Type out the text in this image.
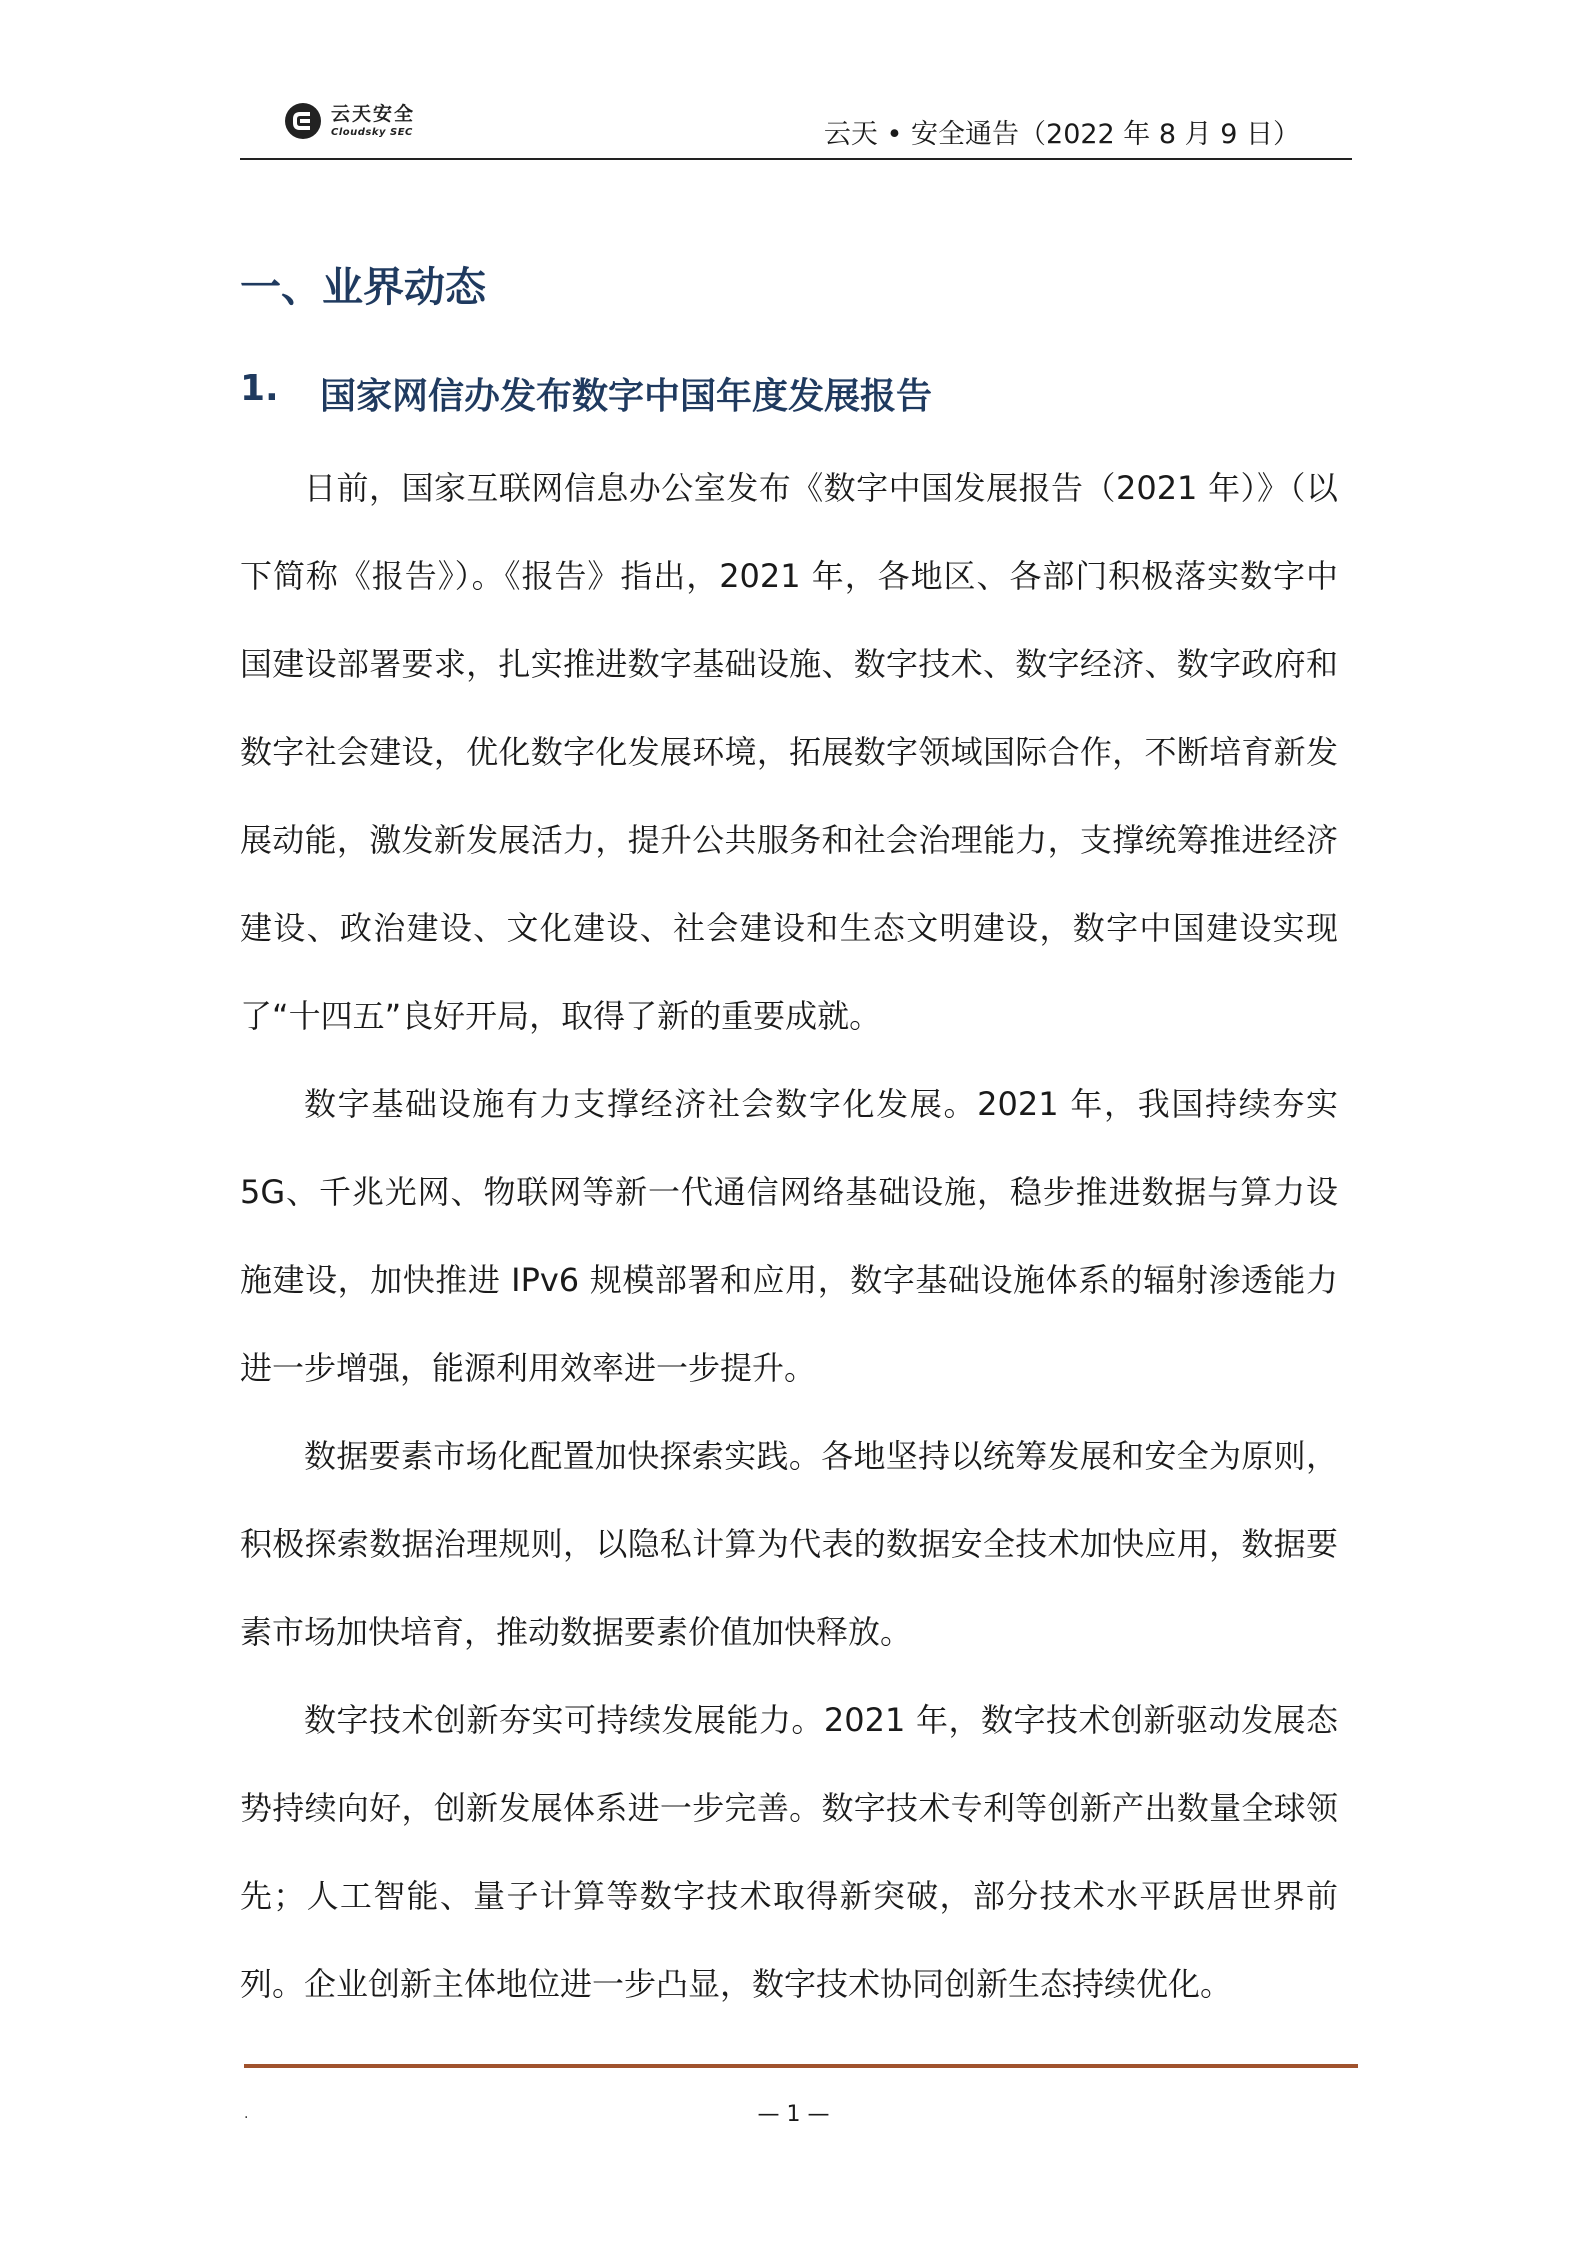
云天安全
Cloudsky SEC	云天 • 安全通告（2022 年 8 月 9 日）
一、业界动态
1.	国家网信办发布数字中国年度发展报告

日前，国家互联网信息办公室发布《数字中国发展报告（2021 年）》（以下简称《报告》）。《报告》指出，2021 年，各地区、各部门积极落实数字中国建设部署要求，扎实推进数字基础设施、数字技术、数字经济、数字政府和数字社会建设，优化数字化发展环境，拓展数字领域国际合作，不断培育新发展动能，激发新发展活力，提升公共服务和社会治理能力，支撑统筹推进经济建设、政治建设、文化建设、社会建设和生态文明建设，数字中国建设实现了“十四五”良好开局，取得了新的重要成就。

数字基础设施有力支撑经济社会数字化发展。2021 年，我国持续夯实 5G、千兆光网、物联网等新一代通信网络基础设施，稳步推进数据与算力设施建设，加快推进 IPv6 规模部署和应用，数字基础设施体系的辐射渗透能力进一步增强，能源利用效率进一步提升。

数据要素市场化配置加快探索实践。各地坚持以统筹发展和安全为原则，积极探索数据治理规则，以隐私计算为代表的数据安全技术加快应用，数据要素市场加快培育，推动数据要素价值加快释放。

数字技术创新夯实可持续发展能力。2021 年，数字技术创新驱动发展态势持续向好，创新发展体系进一步完善。数字技术专利等创新产出数量全球领先；人工智能、量子计算等数字技术取得新突破，部分技术水平跃居世界前列。企业创新主体地位进一步凸显，数字技术协同创新生态持续优化。

.	— 1 —
